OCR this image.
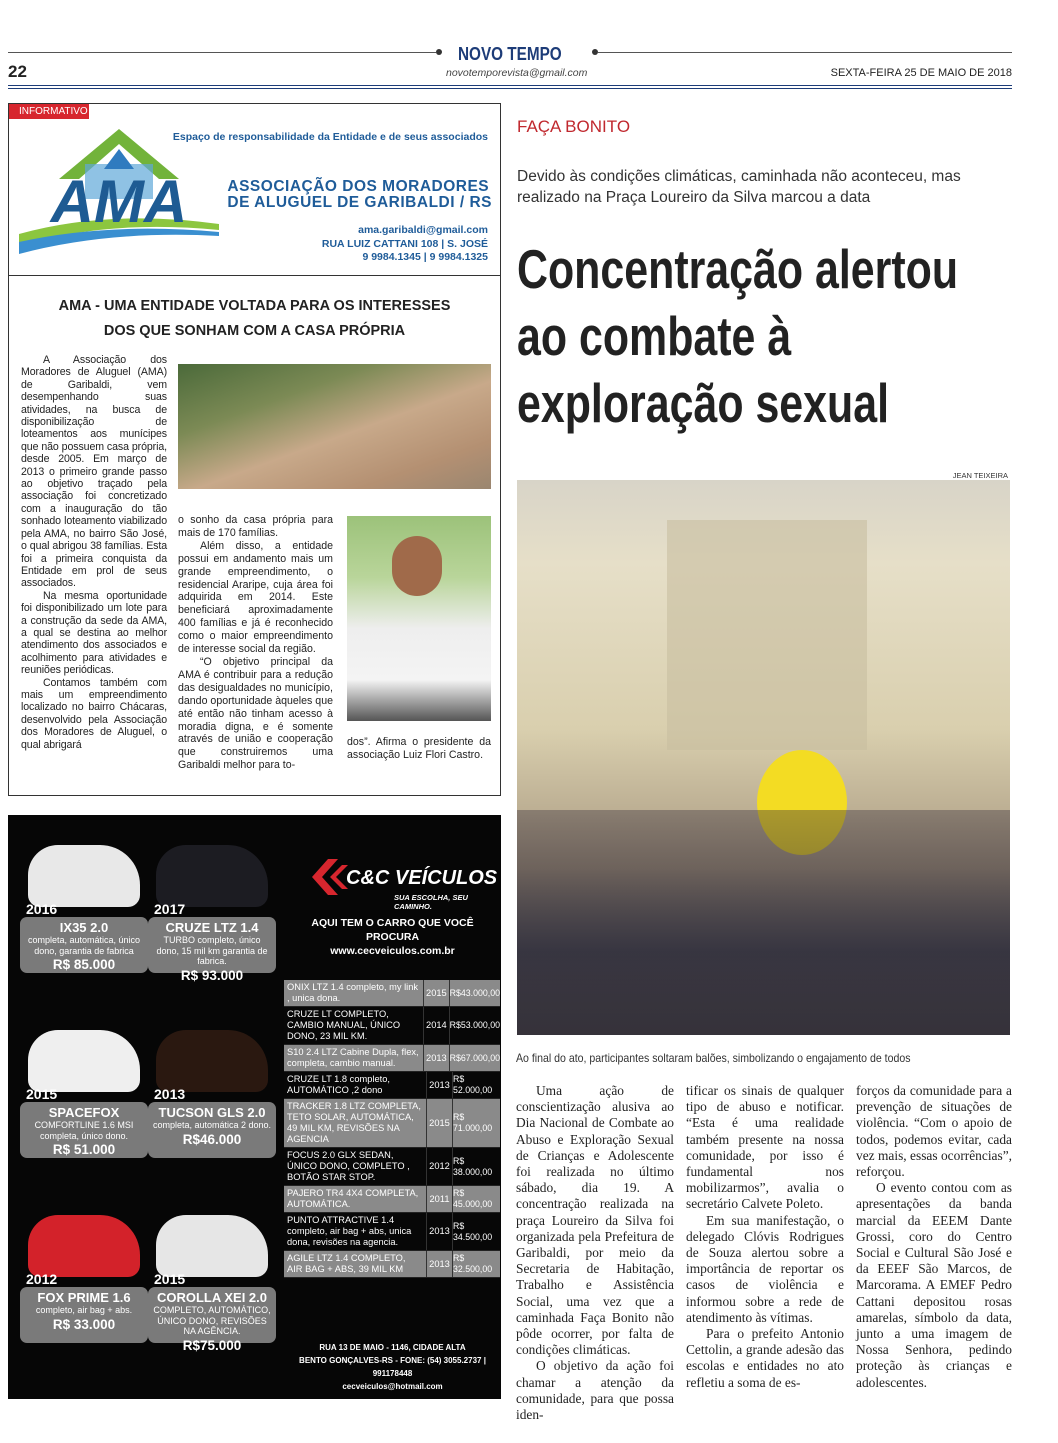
NOVO TEMPO
22	novotemporevista@gmail.com	SEXTA-FEIRA 25 DE MAIO DE 2018
INFORMATIVO
AMA
Espaço de responsabilidade da Entidade e de seus associados
ASSOCIAÇÃO DOS MORADORES
DE ALUGUEL DE GARIBALDI / RS
ama.garibaldi@gmail.com
RUA LUIZ CATTANI 108 | S. JOSÉ
9 9984.1345 | 9 9984.1325
AMA - UMA ENTIDADE VOLTADA PARA OS INTERESSES
DOS QUE SONHAM COM A CASA PRÓPRIA

A Associação dos Moradores de Aluguel (AMA) de Garibaldi, vem desempenhando suas atividades, na busca de disponibilização de loteamentos aos munícipes que não possuem casa própria, desde 2005. Em março de 2013 o primeiro grande passo ao objetivo traçado pela associação foi concretizado com a inauguração do tão sonhado loteamento viabilizado pela AMA, no bairro São José, o qual abrigou 38 famílias. Esta foi a primeira conquista da Entidade em prol de seus associados.

Na mesma oportunidade foi disponibilizado um lote para a construção da sede da AMA, a qual se destina ao melhor atendimento dos associados e acolhimento para atividades e reuniões periódicas.

Contamos também com mais um empreendimento localizado no bairro Chácaras, desenvolvido pela Associação dos Moradores de Aluguel, o qual abrigará

o sonho da casa própria para mais de 170 famílias.

Além disso, a entidade possui em andamento mais um grande empreendimento, o residencial Araripe, cuja área foi adquirida em 2014. Este beneficiará aproximadamente 400 famílias e já é reconhecido como o maior empreendimento de interesse social da região.

“O objetivo principal da AMA é contribuir para a redução das desigualdades no município, dando oportunidade àqueles que até então não tinham acesso à moradia digna, e é somente através de união e cooperação que construiremos uma Garibaldi melhor para to-

dos”. Afirma o presidente da associação Luiz Flori Castro.
2016
IX35 2.0
completa, automática, único dono, garantia de fabrica
R$ 85.000
2017
CRUZE LTZ 1.4
TURBO completo, único dono, 15 mil km garantia de fabrica.
R$ 93.000
2015
SPACEFOX
COMFORTLINE 1.6 MSI completa, único dono.
R$ 51.000
2013
TUCSON GLS 2.0
completa, automática 2 dono.
R$46.000
2012
FOX PRIME 1.6
completo, air bag + abs.
R$ 33.000
2015
COROLLA XEI 2.0
COMPLETO, AUTOMÁTICO, ÚNICO DONO, REVISÕES NA AGÊNCIA.
R$75.000
C&C VEÍCULOS
SUA ESCOLHA, SEU CAMINHO.
AQUI TEM O CARRO QUE VOCÊ PROCURA
www.cecveiculos.com.br
RUA 13 DE MAIO - 1146, CIDADE ALTA
BENTO GONÇALVES-RS - FONE: (54) 3055.2737 | 991178448
cecveiculos@hotmail.com
ONIX LTZ 1.4 completo, my link , unica dona.
2015 R$43.000,00
CRUZE LT COMPLETO, CAMBIO MANUAL, ÚNICO DONO, 23 MIL KM.
2014 R$53.000,00
S10 2.4 LTZ Cabine Dupla, flex, completa, cambio manual.
2013 R$67.000,00
CRUZE LT 1.8 completo, AUTOMÁTICO ,2 dono
2013
R$ 52.000,00
TRACKER 1.8 LTZ COMPLETA, TETO SOLAR, AUTOMÁTICA, 49 MIL KM, REVISÕES NA AGENCIA
2015
R$ 71.000,00
FOCUS 2.0 GLX SEDAN, ÚNICO DONO, COMPLETO , BOTÃO STAR STOP.
2012
R$ 38.000,00
PAJERO TR4 4X4 COMPLETA, AUTOMÁTICA.
2011
R$ 45.000,00
PUNTO ATTRACTIVE 1.4 completo, air bag + abs, unica dona, revisões na agencia.
2013
R$ 34.500,00
AGILE LTZ 1.4 COMPLETO, AIR BAG + ABS, 39 MIL KM
2013
R$ 32.500,00
FAÇA BONITO
Devido às condições climáticas, caminhada não aconteceu, mas realizado na Praça Loureiro da Silva marcou a data
Concentração alertou
ao combate à
exploração sexual
JEAN TEIXEIRA
Ao final do ato, participantes soltaram balões, simbolizando o engajamento de todos

Uma ação de conscientização alusiva ao Dia Nacional de Combate ao Abuso e Exploração Sexual de Crianças e Adolescente foi realizada no último sábado, dia 19. A concentração realizada na praça Loureiro da Silva foi organizada pela Prefeitura de Garibaldi, por meio da Secretaria de Habitação, Trabalho e Assistência Social, uma vez que a caminhada Faça Bonito não pôde ocorrer, por falta de condições climáticas.

O objetivo da ação foi chamar a atenção da comunidade, para que possa iden-

tificar os sinais de qualquer tipo de abuso e notificar. “Esta é uma realidade também presente na nossa comunidade, por isso é fundamental nos mobilizarmos”, avalia o secretário Calvete Poleto.

Em sua manifestação, o delegado Clóvis Rodrigues de Souza alertou sobre a importância de reportar os casos de violência e informou sobre a rede de atendimento às vítimas.

Para o prefeito Antonio Cettolin, a grande adesão das escolas e entidades no ato refletiu a soma de es-

forços da comunidade para a prevenção de situações de violência. “Com o apoio de todos, podemos evitar, cada vez mais, essas ocorrências”, reforçou.

O evento contou com as apresentações da banda marcial da EEEM Dante Grossi, coro do Centro Social e Cultural São José e da EEEF São Marcos, de Marcorama. A EMEF Pedro Cattani depositou rosas amarelas, símbolo da data, junto a uma imagem de Nossa Senhora, pedindo proteção às crianças e adolescentes.
